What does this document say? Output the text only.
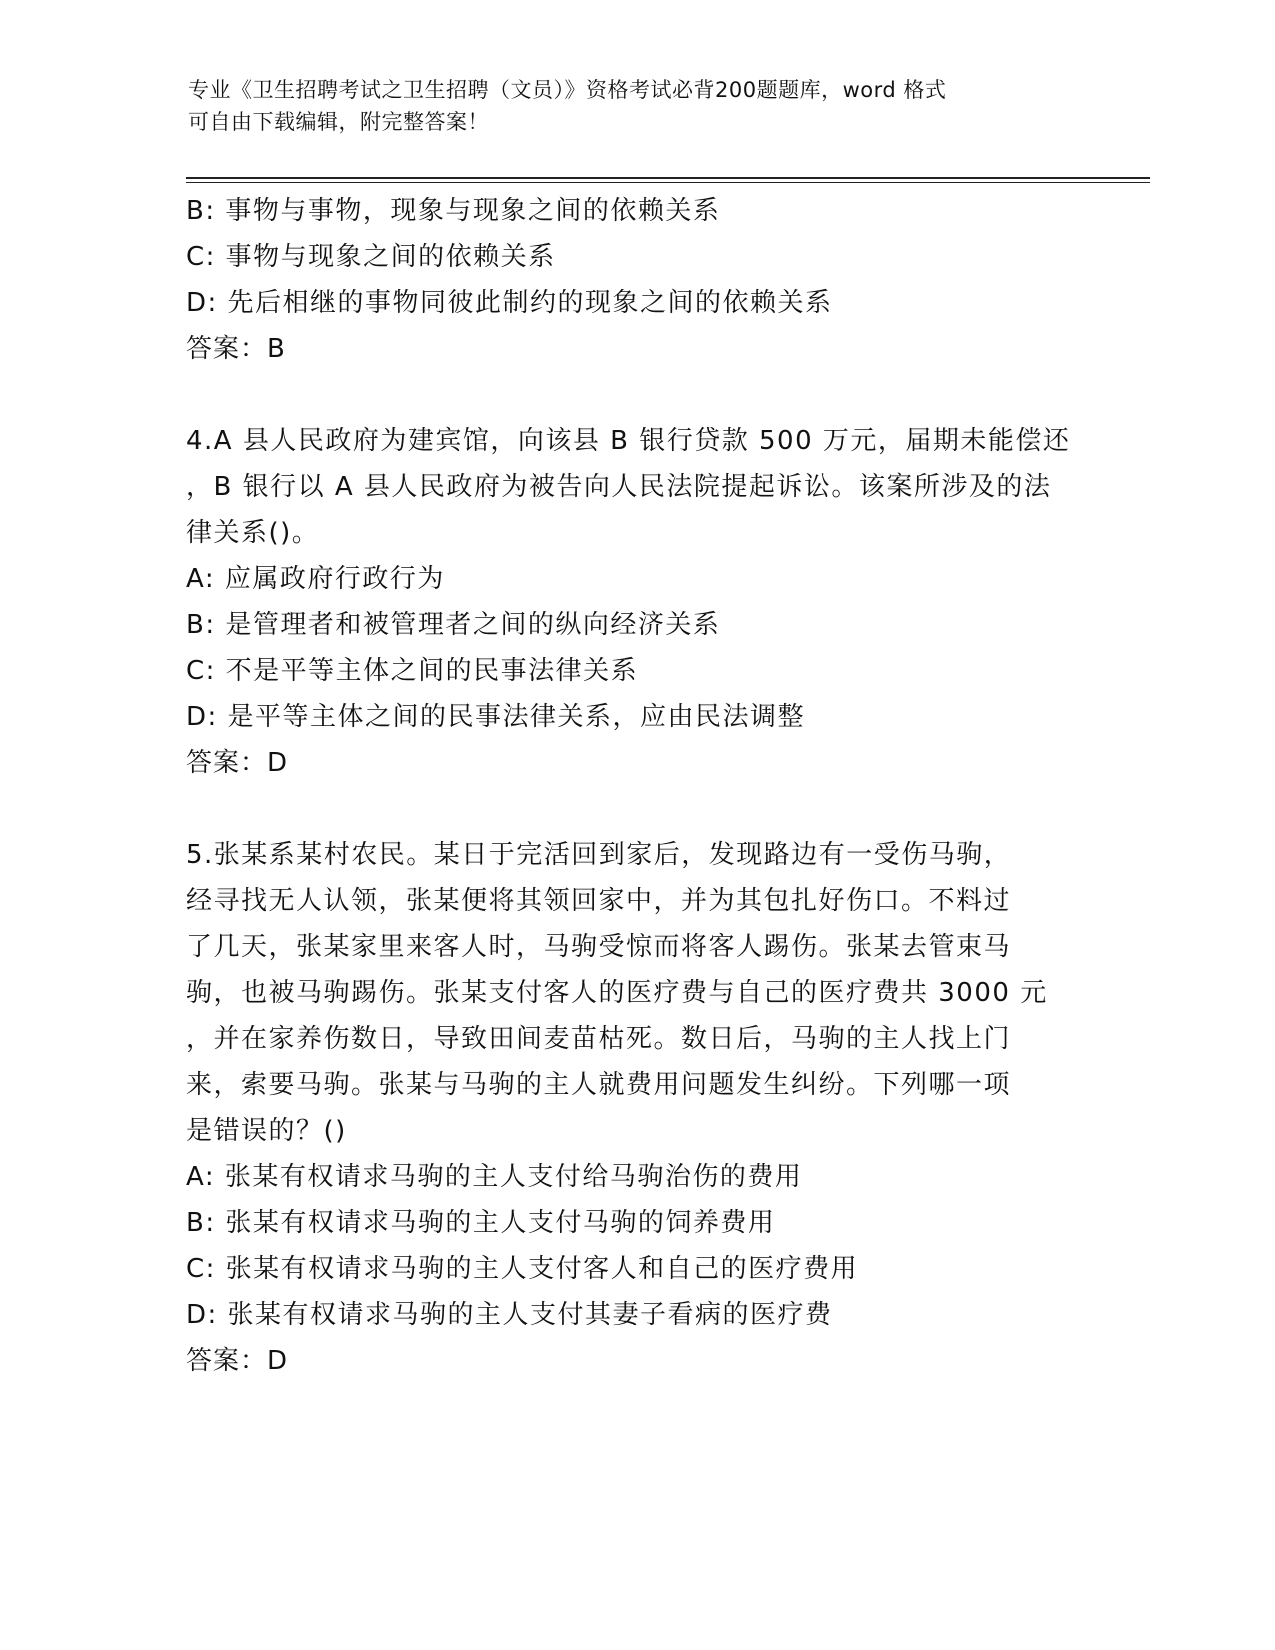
专业《卫生招聘考试之卫生招聘（文员）》资格考试必背200题题库，word 格式
可自由下载编辑，附完整答案！
B: 事物与事物，现象与现象之间的依赖关系
C: 事物与现象之间的依赖关系
D: 先后相继的事物同彼此制约的现象之间的依赖关系
答案：B
4.A 县人民政府为建宾馆，向该县 B 银行贷款 500 万元，届期未能偿还
，B 银行以 A 县人民政府为被告向人民法院提起诉讼。该案所涉及的法
律关系()。
A: 应属政府行政行为
B: 是管理者和被管理者之间的纵向经济关系
C: 不是平等主体之间的民事法律关系
D: 是平等主体之间的民事法律关系，应由民法调整
答案：D
5.张某系某村农民。某日于完活回到家后，发现路边有一受伤马驹，
经寻找无人认领，张某便将其领回家中，并为其包扎好伤口。不料过
了几天，张某家里来客人时，马驹受惊而将客人踢伤。张某去管束马
驹，也被马驹踢伤。张某支付客人的医疗费与自己的医疗费共 3000 元
，并在家养伤数日，导致田间麦苗枯死。数日后，马驹的主人找上门
来，索要马驹。张某与马驹的主人就费用问题发生纠纷。下列哪一项
是错误的？()
A: 张某有权请求马驹的主人支付给马驹治伤的费用
B: 张某有权请求马驹的主人支付马驹的饲养费用
C: 张某有权请求马驹的主人支付客人和自己的医疗费用
D: 张某有权请求马驹的主人支付其妻子看病的医疗费
答案：D
